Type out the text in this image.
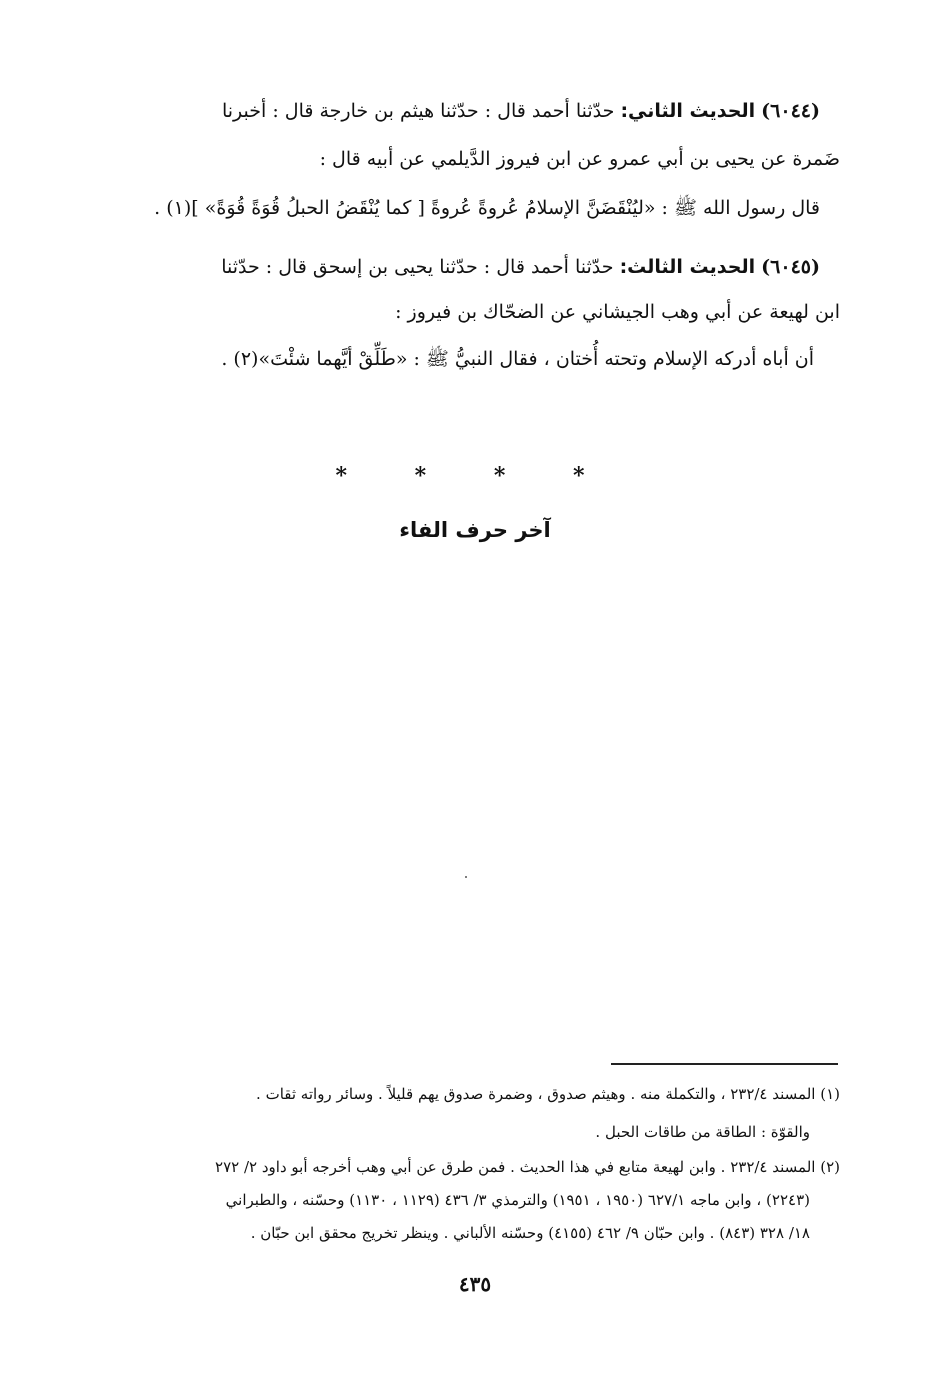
(٦٠٤٤) الحديث الثاني: حدّثنا أحمد قال : حدّثنا هيثم بن خارجة قال : أخبرنا
ضَمرة عن يحيى بن أبي عمرو عن ابن فيروز الدَّيلمي عن أبيه قال :
قال رسول الله ﷺ : «ليُنْقَضَنَّ الإسلامُ عُروةً عُروةً [ كما يُنْقَضُ الحبلُ قُوَةً قُوَةً» ](١) .
(٦٠٤٥) الحديث الثالث: حدّثنا أحمد قال : حدّثنا يحيى بن إسحق قال : حدّثنا
ابن لهيعة عن أبي وهب الجيشاني عن الضحّاك بن فيروز :
أن أباه أدركه الإسلام وتحته أُختان ، فقال النبيُّ ﷺ : «طَلِّقْ أيَّهما شئْتَ»(٢) .
* * * *
آخر حرف الفاء
(١) المسند ٢٣٢/٤ ، والتكملة منه . وهيثم صدوق ، وضمرة صدوق يهم قليلاً . وسائر رواته ثقات .
والقوّة : الطاقة من طاقات الحبل .
(٢) المسند ٢٣٢/٤ . وابن لهيعة متابع في هذا الحديث . فمن طرق عن أبي وهب أخرجه أبو داود ٢/ ٢٧٢
(٢٢٤٣) ، وابن ماجه ٦٢٧/١ (١٩٥٠ ، ١٩٥١) والترمذي ٣/ ٤٣٦ (١١٢٩ ، ١١٣٠) وحسّنه ، والطبراني
١٨/ ٣٢٨ (٨٤٣) . وابن حبّان ٩/ ٤٦٢ (٤١٥٥) وحسّنه الألباني . وينظر تخريج محقق ابن حبّان .
٤٣٥
